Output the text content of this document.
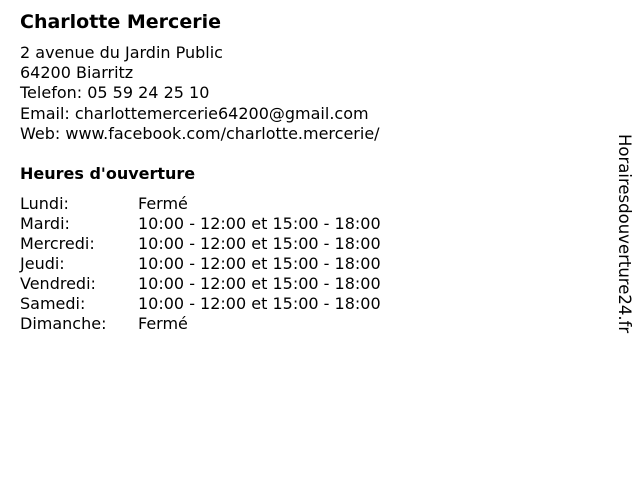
Charlotte Mercerie
2 avenue du Jardin Public
64200 Biarritz
Telefon: 05 59 24 25 10
Email: charlottemercerie64200@gmail.com
Web: www.facebook.com/charlotte.mercerie/
Heures d'ouverture
Lundi:	Fermé
Mardi:	10:00 - 12:00 et 15:00 - 18:00
Mercredi:	10:00 - 12:00 et 15:00 - 18:00
Jeudi:	10:00 - 12:00 et 15:00 - 18:00
Vendredi:	10:00 - 12:00 et 15:00 - 18:00
Samedi:	10:00 - 12:00 et 15:00 - 18:00
Dimanche:	Fermé	Horairesdouverture24.fr
